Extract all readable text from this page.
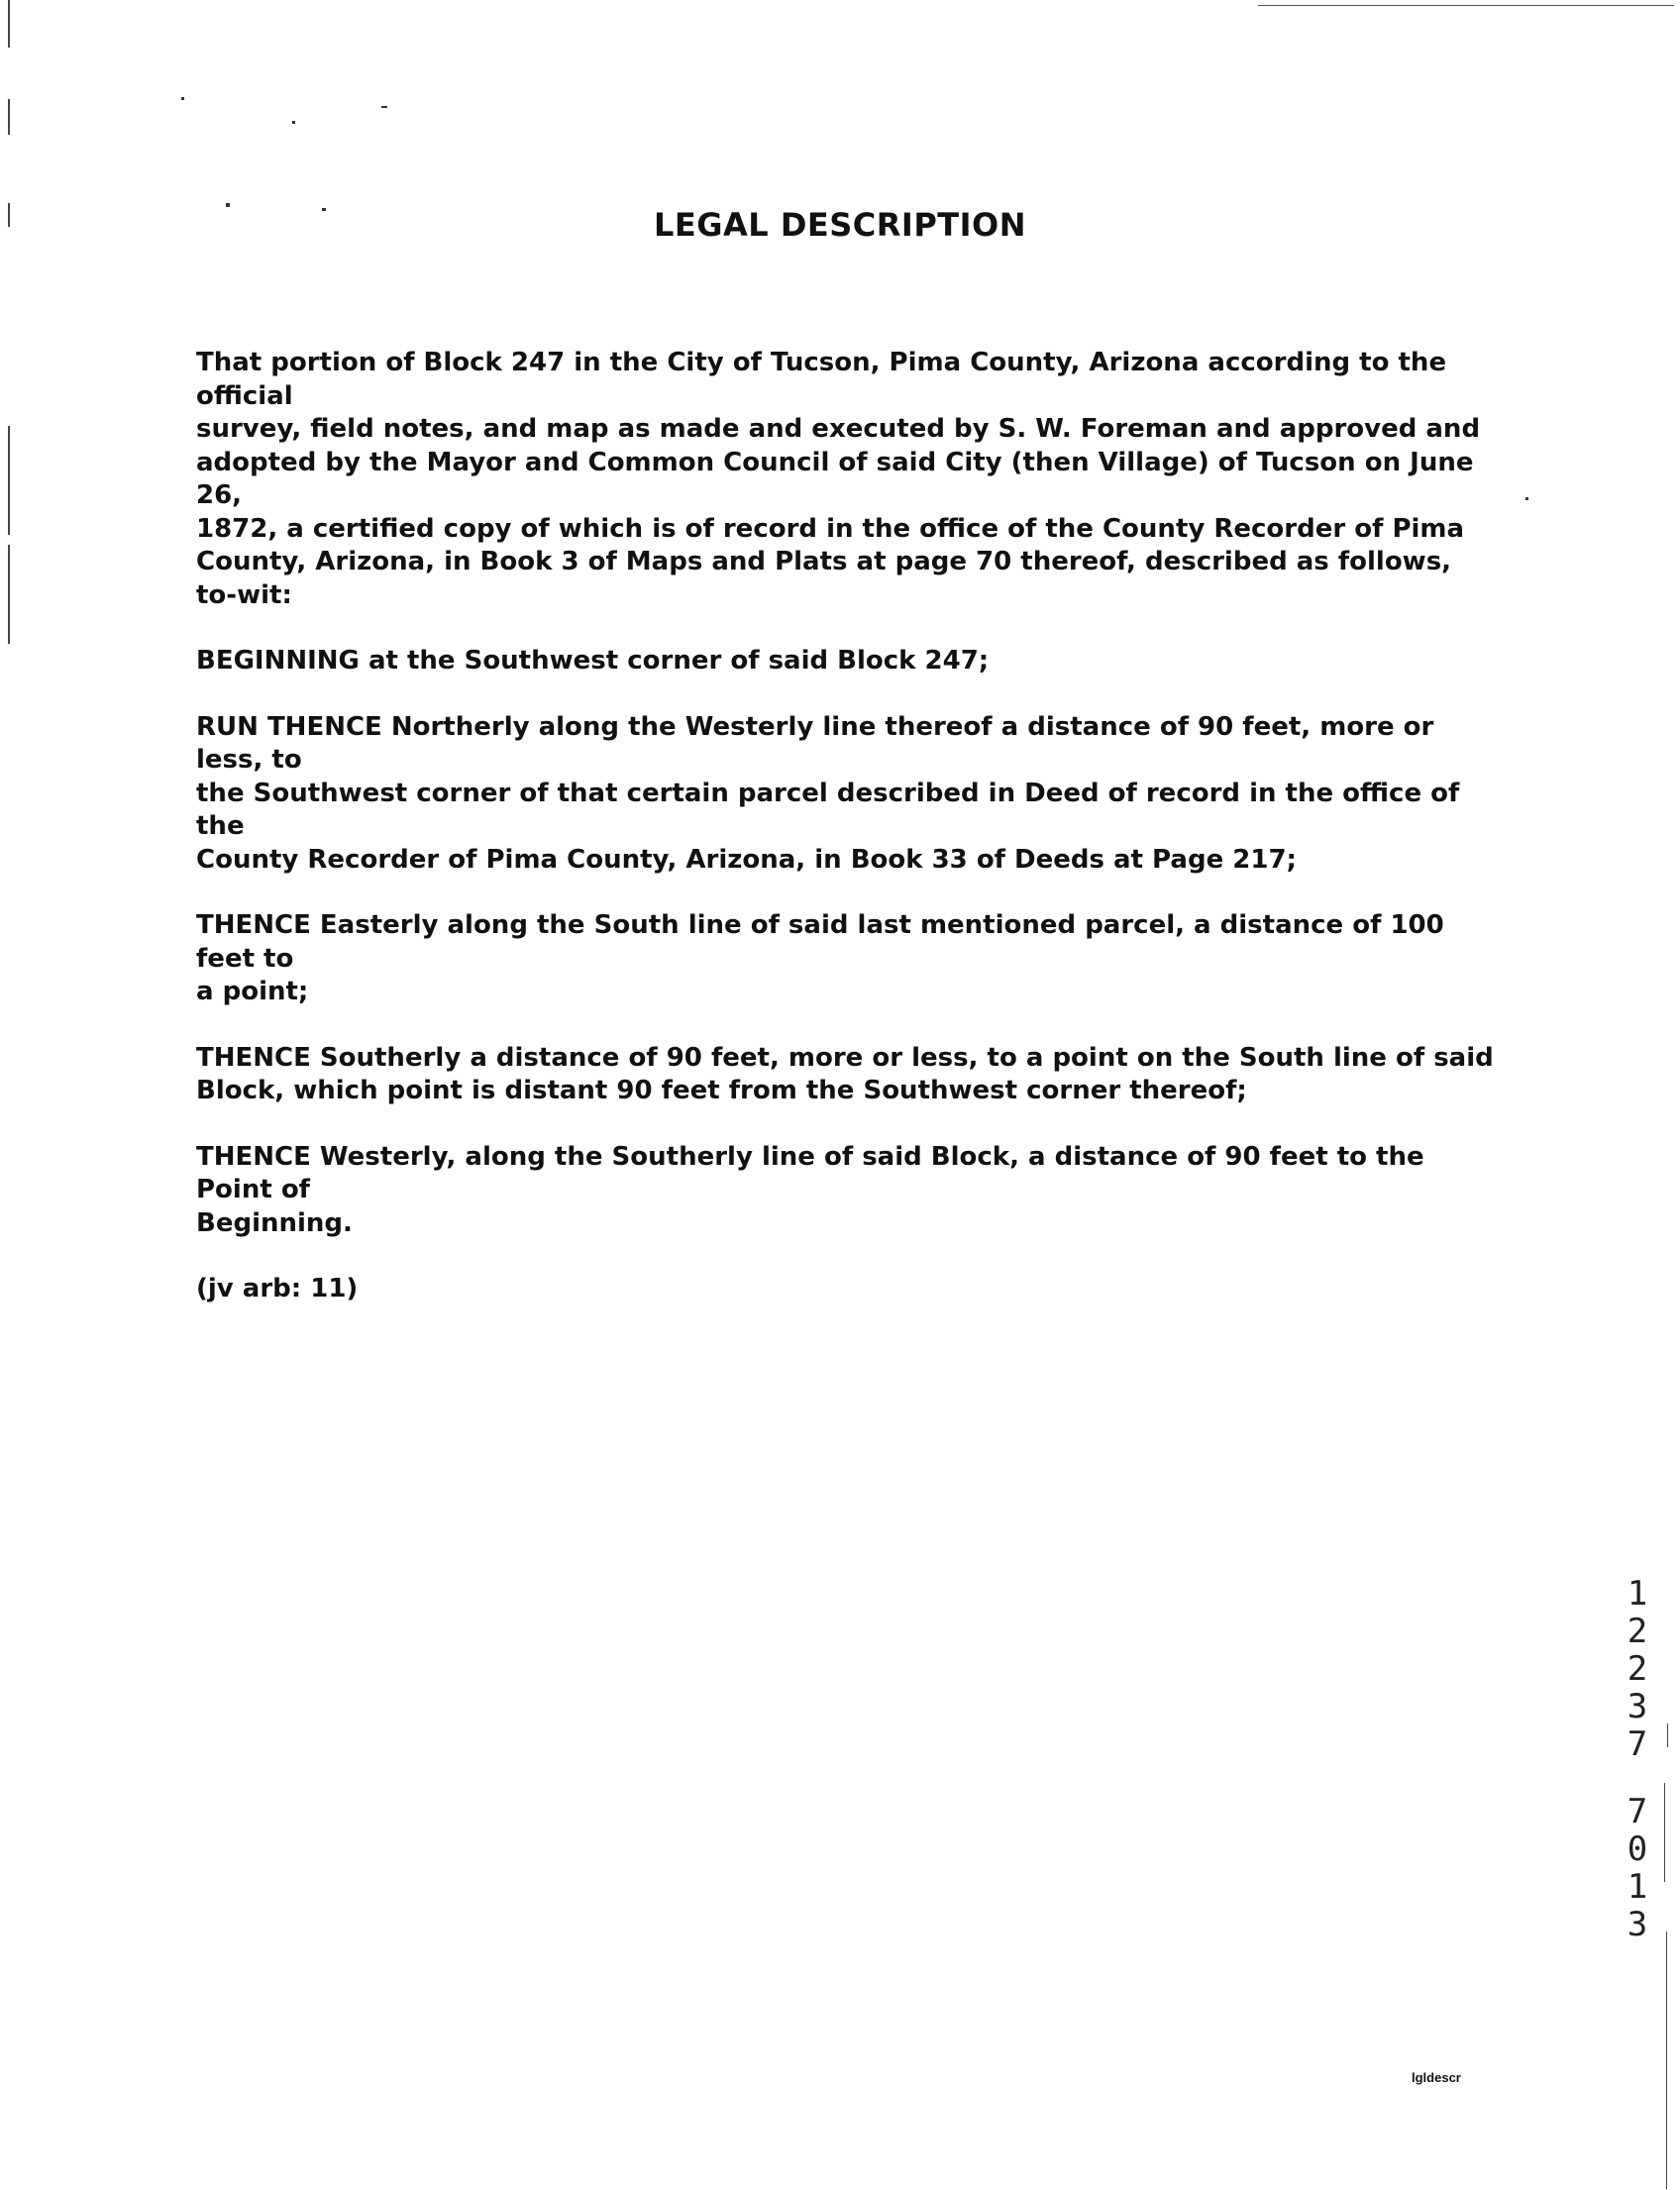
LEGAL DESCRIPTION

That portion of Block 247 in the City of Tucson, Pima County, Arizona according to the official
survey, field notes, and map as made and executed by S. W. Foreman and approved and
adopted by the Mayor and Common Council of said City (then Village) of Tucson on June 26,
1872, a certified copy of which is of record in the office of the County Recorder of Pima
County, Arizona, in Book 3 of Maps and Plats at page 70 thereof, described as follows, to-wit:

BEGINNING at the Southwest corner of said Block 247;

RUN THENCE Northerly along the Westerly line thereof a distance of 90 feet, more or less, to
the Southwest corner of that certain parcel described in Deed of record in the office of the
County Recorder of Pima County, Arizona, in Book 33 of Deeds at Page 217;

THENCE Easterly along the South line of said last mentioned parcel, a distance of 100 feet to
a point;

THENCE Southerly a distance of 90 feet, more or less, to a point on the South line of said
Block, which point is distant 90 feet from the Southwest corner thereof;

THENCE Westerly, along the Southerly line of said Block, a distance of 90 feet to the Point of
Beginning.

(jv arb: 11)

1
2
2
3
7
7
0
1
3
lgldescr
